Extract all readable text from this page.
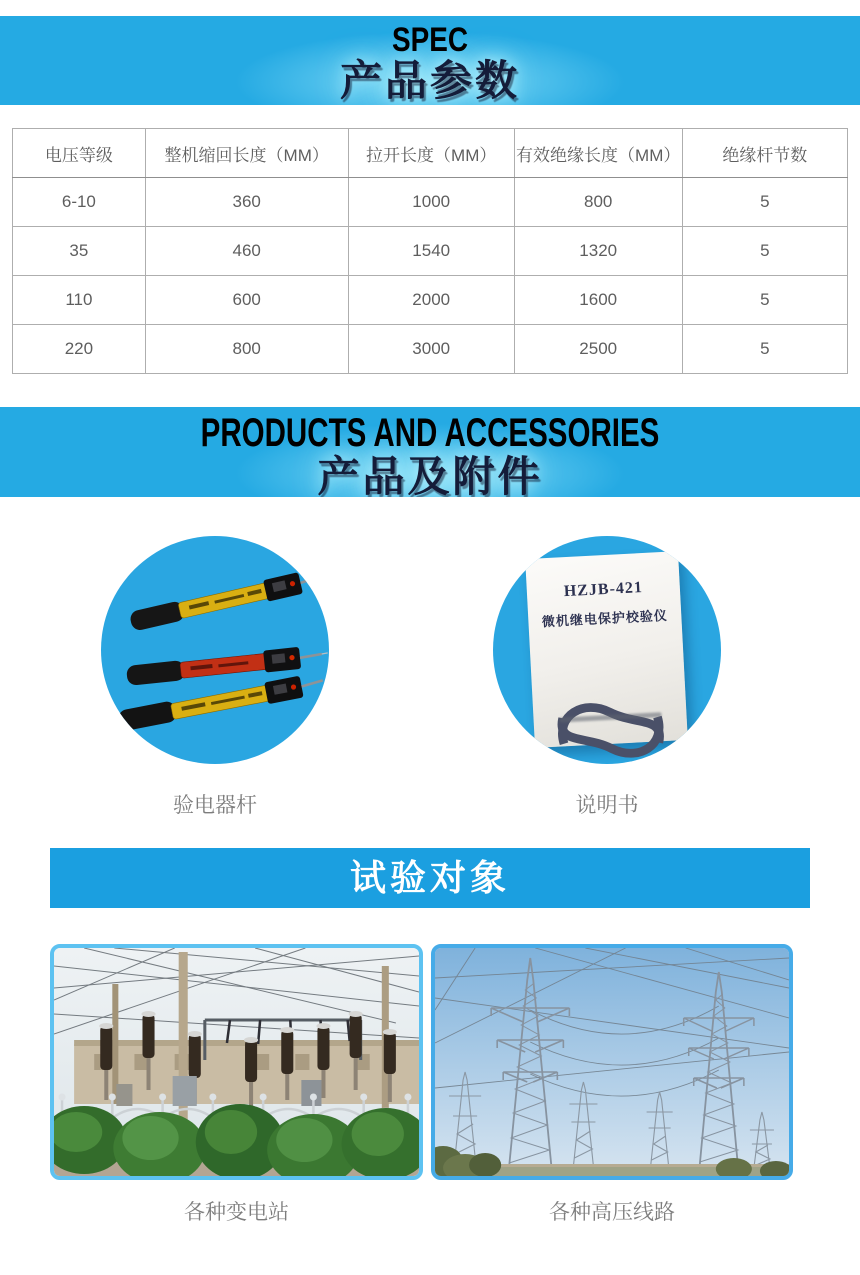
SPEC
产品参数
电压等级	整机缩回长度（MM）	拉开长度（MM）	有效绝缘长度（MM）	绝缘杆节数
6-10	360	1000	800	5
35	460	1540	1320	5
110	600	2000	1600	5
220	800	3000	2500	5
PRODUCTS AND ACCESSORIES
产品及附件
HZJB-421
微机继电保护校验仪
验电器杆	说明书
试验对象
各种变电站	各种高压线路
